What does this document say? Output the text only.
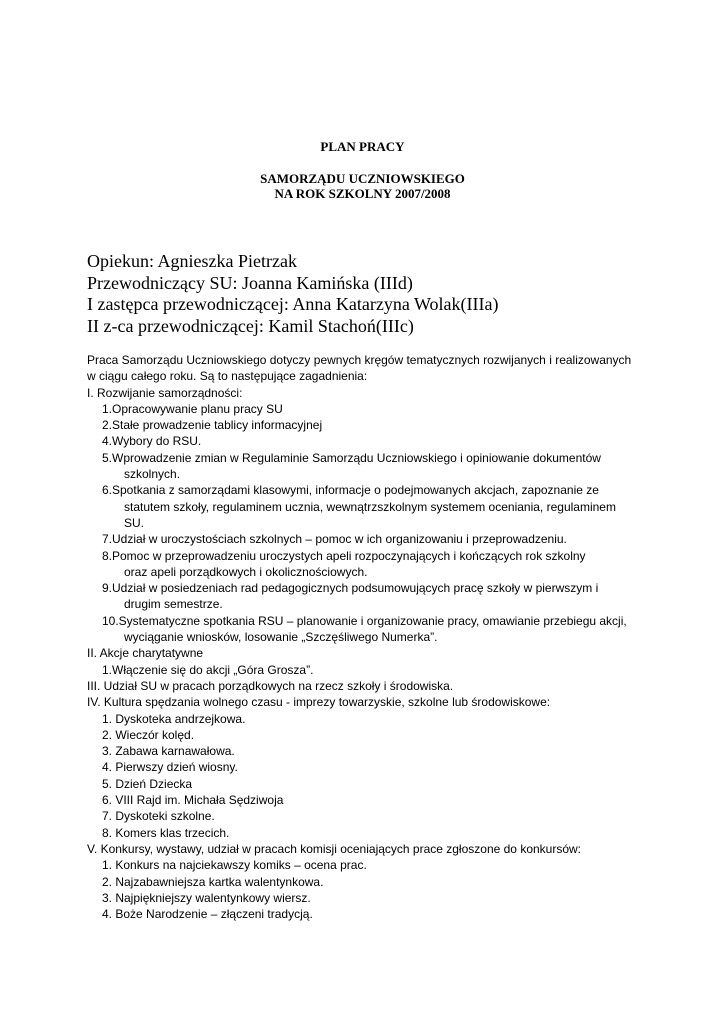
PLAN PRACY
SAMORZĄDU UCZNIOWSKIEGO
NA ROK SZKOLNY 2007/2008
Opiekun: Agnieszka Pietrzak
Przewodniczący SU: Joanna Kamińska (IIId)
I zastępca przewodniczącej: Anna Katarzyna Wolak(IIIa)
II z-ca przewodniczącej: Kamil Stachoń(IIIc)
Praca Samorządu Uczniowskiego dotyczy pewnych kręgów tematycznych rozwijanych i realizowanych
w ciągu całego roku. Są to następujące zagadnienia:
I. Rozwijanie samorządności:
1.Opracowywanie planu pracy SU
2.Stałe prowadzenie tablicy informacyjnej
4.Wybory do RSU.
5.Wprowadzenie zmian w Regulaminie Samorządu Uczniowskiego i opiniowanie dokumentów
szkolnych.
6.Spotkania z samorządami klasowymi, informacje o podejmowanych akcjach, zapoznanie ze
statutem szkoły, regulaminem ucznia, wewnątrzszkolnym systemem oceniania, regulaminem
SU.
7.Udział w uroczystościach szkolnych – pomoc w ich organizowaniu i przeprowadzeniu.
8.Pomoc w przeprowadzeniu uroczystych apeli rozpoczynających i kończących rok szkolny
oraz apeli porządkowych i okolicznościowych.
9.Udział w posiedzeniach rad pedagogicznych podsumowujących pracę szkoły w pierwszym i
drugim semestrze.
10.Systematyczne spotkania RSU – planowanie i organizowanie pracy, omawianie przebiegu akcji,
wyciąganie wniosków, losowanie „Szczęśliwego Numerka”.
II. Akcje charytatywne
1.Włączenie się do akcji „Góra Grosza”.
III. Udział SU w pracach porządkowych na rzecz szkoły i środowiska.
IV. Kultura spędzania wolnego czasu - imprezy towarzyskie, szkolne lub środowiskowe:
1. Dyskoteka andrzejkowa.
2. Wieczór kolęd.
3. Zabawa karnawałowa.
4. Pierwszy dzień wiosny.
5. Dzień Dziecka
6. VIII Rajd im. Michała Sędziwoja
7. Dyskoteki szkolne.
8. Komers klas trzecich.
V. Konkursy, wystawy, udział w pracach komisji oceniających prace zgłoszone do konkursów:
1. Konkurs na najciekawszy komiks – ocena prac.
2. Najzabawniejsza kartka walentynkowa.
3. Najpiękniejszy walentynkowy wiersz.
4. Boże Narodzenie – złączeni tradycją.
